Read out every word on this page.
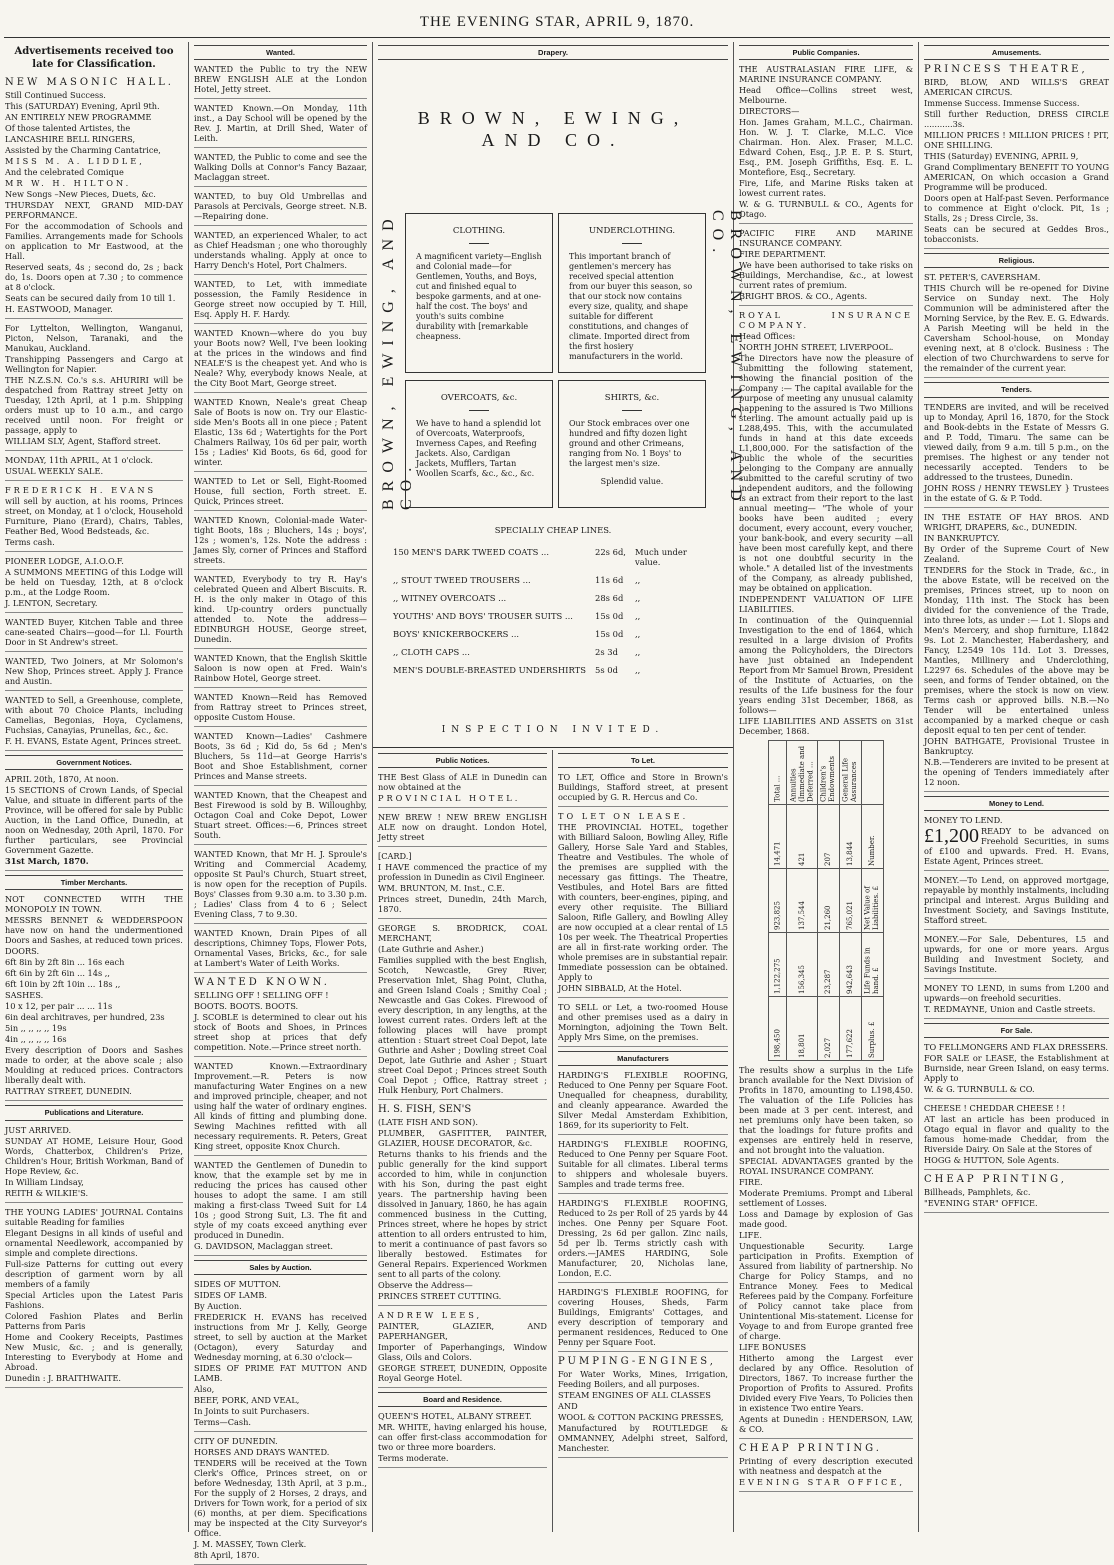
THE EVENING STAR, APRIL 9, 1870.
Advertisements received too late for Classification.

NEW MASONIC HALL.

Still Continued Success.

This (SATURDAY) Evening, April 9th.

AN ENTIRELY NEW PROGRAMME

Of those talented Artistes, the

LANCASHIRE BELL RINGERS,

Assisted by the Charming Cantatrice,

MISS M. A. LIDDLE,

And the celebrated Comique

MR W. H. HILTON.

New Songs –New Pieces, Duets, &c.

THURSDAY NEXT, GRAND MID-DAY PERFORMANCE.

For the accommodation of Schools and Families. Arrangements made for Schools on application to Mr Eastwood, at the Hall.

Reserved seats, 4s ; second do, 2s ; back do, 1s. Doors open at 7.30 ; to commence at 8 o'clock.

Seats can be secured daily from 10 till 1.

H. EASTWOOD, Manager.

For Lyttelton, Wellington, Wanganui, Picton, Nelson, Taranaki, and the Manukau, Auckland.

Transhipping Passengers and Cargo at Wellington for Napier.

THE N.Z.S.N. Co.'s s.s. AHURIRI will be despatched from Rattray street Jetty on Tuesday, 12th April, at 1 p.m. Shipping orders must up to 10 a.m., and cargo received until noon. For freight or passage, apply to

WILLIAM SLY, Agent, Stafford street.

MONDAY, 11th APRIL, At 1 o'clock.

USUAL WEEKLY SALE.

FREDERICK H. EVANS

will sell by auction, at his rooms, Princes street, on Monday, at 1 o'clock, Household Furniture, Piano (Erard), Chairs, Tables, Feather Bed, Wood Bedsteads, &c.

Terms cash.

PIONEER LODGE, A.I.O.O.F.

A SUMMONS MEETING of this Lodge will be held on Tuesday, 12th, at 8 o'clock p.m., at the Lodge Room.

J. LENTON, Secretary.

WANTED Buyer, Kitchen Table and three cane-seated Chairs—good—for Ll. Fourth Door in St Andrew's street.

WANTED, Two Joiners, at Mr Solomon's New Shop, Princes street. Apply J. France and Austin.

WANTED to Sell, a Greenhouse, complete, with about 70 Choice Plants, including Camelias, Begonias, Hoya, Cyclamens, Fuchsias, Canayias, Prunellas, &c., &c.

F. H. EVANS, Estate Agent, Princes street.

Government Notices.

APRIL 20th, 1870, At noon.

15 SECTIONS of Crown Lands, of Special Value, and situate in different parts of the Province, will be offered for sale by Public Auction, in the Land Office, Dunedin, at noon on Wednesday, 20th April, 1870. For further particulars, see Provincial Government Gazette.

31st March, 1870.

Timber Merchants.

NOT CONNECTED WITH THE MONOPOLY IN TOWN.

MESSRS BENNET & WEDDERSPOON have now on hand the undermentioned Doors and Sashes, at reduced town prices.

DOORS.

6ft 8in by 2ft 8in ... 16s each

6ft 6in by 2ft 6in ... 14s ,,

6ft 10in by 2ft 10in ... 18s ,,

SASHES.

10 x 12, per pair ... ... 11s

6in deal architraves, per hundred, 23s

5in ,, ,, ,, ,, 19s

4in ,, ,, ,, ,, 16s

Every description of Doors and Sashes made to order, at the above scale ; also Moulding at reduced prices. Contractors liberally dealt with.

RATTRAY STREET, DUNEDIN.

Publications and Literature.

JUST ARRIVED.

SUNDAY AT HOME, Leisure Hour, Good Words, Chatterbox, Children's Prize, Children's Hour, British Workman, Band of Hope Review, &c.

In William Lindsay,

REITH & WILKIE'S.

THE YOUNG LADIES' JOURNAL Contains suitable Reading for families

Elegant Designs in all kinds of useful and ornamental Needlework, accompanied by simple and complete directions.

Full-size Patterns for cutting out every description of garment worn by all members of a family

Special Articles upon the Latest Paris Fashions.

Colored Fashion Plates and Berlin Patterns from Paris

Home and Cookery Receipts, Pastimes New Music, &c. ; and is generally, Interesting to Everybody at Home and Abroad.

Dunedin : J. BRAITHWAITE.

Wanted.

WANTED the Public to try the NEW BREW ENGLISH ALE at the London Hotel, Jetty street.

WANTED Known.—On Monday, 11th inst., a Day School will be opened by the Rev. J. Martin, at Drill Shed, Water of Leith.

WANTED, the Public to come and see the Walking Dolls at Connor's Fancy Bazaar, Maclaggan street.

WANTED, to buy Old Umbrellas and Parasols at Percivals, George street. N.B.—Repairing done.

WANTED, an experienced Whaler, to act as Chief Headsman ; one who thoroughly understands whaling. Apply at once to Harry Dench's Hotel, Port Chalmers.

WANTED, to Let, with immediate possession, the Family Residence in George street now occupied by T. Hill, Esq. Apply H. F. Hardy.

WANTED Known—where do you buy your Boots now? Well, I've been looking at the prices in the windows and find NEALE'S is the cheapest yet. And who is Neale? Why, everybody knows Neale, at the City Boot Mart, George street.

WANTED Known, Neale's great Cheap Sale of Boots is now on. Try our Elastic-side Men's Boots all in one piece ; Patent Elastic, 13s 6d ; Watertights for the Port Chalmers Railway, 10s 6d per pair, worth 15s ; Ladies' Kid Boots, 6s 6d, good for winter.

WANTED to Let or Sell, Eight-Roomed House, full section, Forth street. E. Quick, Princes street.

WANTED Known, Colonial-made Water-tight Boots, 18s ; Bluchers, 14s ; boys', 12s ; women's, 12s. Note the address : James Sly, corner of Princes and Stafford streets.

WANTED, Everybody to try R. Hay's celebrated Queen and Albert Biscuits. R. H. is the only maker in Otago of this kind. Up-country orders punctually attended to. Note the address— EDINBURGH HOUSE, George street, Dunedin.

WANTED Known, that the English Skittle Saloon is now open at Fred. Wain's Rainbow Hotel, George street.

WANTED Known—Reid has Removed from Rattray street to Princes street, opposite Custom House.

WANTED Known—Ladies' Cashmere Boots, 3s 6d ; Kid do, 5s 6d ; Men's Bluchers, 5s 11d—at George Harris's Boot and Shoe Establishment, corner Princes and Manse streets.

WANTED Known, that the Cheapest and Best Firewood is sold by B. Willoughby, Octagon Coal and Coke Depot, Lower Stuart street. Offices:—6, Princes street South.

WANTED Known, that Mr H. J. Sproule's Writing and Commercial Academy, opposite St Paul's Church, Stuart street, is now open for the reception of Pupils. Boys' Classes from 9.30 a.m. to 3.30 p.m. ; Ladies' Class from 4 to 6 ; Select Evening Class, 7 to 9.30.

WANTED Known, Drain Pipes of all descriptions, Chimney Tops, Flower Pots, Ornamental Vases, Bricks, &c., for sale at Lambert's Water of Leith Works.

WANTED KNOWN.

SELLING OFF ! SELLING OFF !

BOOTS. BOOTS. BOOTS.

J. SCOBLE is determined to clear out his stock of Boots and Shoes, in Princes street shop at prices that defy competition. Note.—Prince street north.

WANTED Known.—Extraordinary Improvement.—R. Peters is now manufacturing Water Engines on a new and improved principle, cheaper, and not using half the water of ordinary engines. All kinds of fitting and plumbing done. Sewing Machines refitted with all necessary requirements. R. Peters, Great King street, opposite Knox Church.

WANTED the Gentlemen of Dunedin to know, that the example set by me in reducing the prices has caused other houses to adopt the same. I am still making a first-class Tweed Suit for L4 10s ; good Strong Suit, L3. The fit and style of my coats exceed anything ever produced in Dunedin.

G. DAVIDSON, Maclaggan street.

Sales by Auction.

SIDES OF MUTTON.

SIDES OF LAMB.

By Auction.

FREDERICK H. EVANS has received instructions from Mr J. Kelly, George street, to sell by auction at the Market (Octagon), every Saturday and Wednesday morning, at 6.30 o'clock—

SIDES OF PRIME FAT MUTTON AND LAMB.

Also,

BEEF, PORK, AND VEAL,

In Joints to suit Purchasers.

Terms—Cash.

CITY OF DUNEDIN.

HORSES AND DRAYS WANTED.

TENDERS will be received at the Town Clerk's Office, Princes street, on or before Wednesday, 13th April, at 3 p.m., For the supply of 2 Horses, 2 drays, and Drivers for Town work, for a period of six (6) months, at per diem. Specifications may be inspected at the City Surveyor's Office.

J. M. MASSEY, Town Clerk.

8th April, 1870.

Drapery.
BROWN, EWING, AND CO.
BROWN, EWING, AND CO.	BROWN, EWING, AND CO.
CLOTHING.

A magnificent variety—English and Colonial made—for Gentlemen, Youths, and Boys, cut and finished equal to bespoke garments, and at one-half the cost. The boys' and youth's suits combine durability with [remarkable cheapness.

UNDERCLOTHING.

This important branch of gentlemen's mercery has received special attention from our buyer this season, so that our stock now contains every size, quality, and shape suitable for different constitutions, and changes of climate. Imported direct from the first hosiery manufacturers in the world.

OVERCOATS, &c.

We have to hand a splendid lot of Overcoats, Waterproofs, Inverness Capes, and Reefing Jackets. Also, Cardigan Jackets, Mufflers, Tartan Woollen Scarfs, &c., &c., &c.

SHIRTS, &c.

Our Stock embraces over one hundred and fifty dozen light ground and other Crimeans, ranging from No. 1 Boys' to the largest men's size.

Splendid value.

SPECIALLY CHEAP LINES.

150 MEN'S DARK TWEED COATS ...	22s 6d,	Much under value.
,, STOUT TWEED TROUSERS ...	11s 6d	,,
,, WITNEY OVERCOATS ...	28s 6d	,,
YOUTHS' AND BOYS' TROUSER SUITS ...	15s 0d	,,
BOYS' KNICKERBOCKERS ...	15s 0d	,,
,, CLOTH CAPS ...	2s 3d	,,
MEN'S DOUBLE-BREASTED UNDERSHIRTS	5s 0d	,,

INSPECTION INVITED.

Public Notices.

THE Best Glass of ALE in Dunedin can now obtained at the

PROVINCIAL HOTEL.

NEW BREW ! NEW BREW ENGLISH ALE now on draught. London Hotel, Jetty street

[CARD.]

I HAVE commenced the practice of my profession in Dunedin as Civil Engineer.

WM. BRUNTON, M. Inst., C.E.

Princes street, Dunedin, 24th March, 1870.

GEORGE S. BRODRICK, COAL MERCHANT,

(Late Guthrie and Asher.)

Families supplied with the best English, Scotch, Newcastle, Grey River, Preservation Inlet, Shag Point, Clutha, and Green Island Coals ; Smithy Coal ; Newcastle and Gas Cokes. Firewood of every description, in any lengths, at the lowest current rates. Orders left at the following places will have prompt attention : Stuart street Coal Depot, late Guthrie and Asher ; Dowling street Coal Depot, late Guthrie and Asher ; Stuart street Coal Depot ; Princes street South Coal Depot ; Office, Rattray street ; Hulk Henbury, Port Chalmers.

H. S. FISH, SEN'S

(LATE FISH AND SON).

PLUMBER, GASFITTER, PAINTER, GLAZIER, HOUSE DECORATOR, &c.

Returns thanks to his friends and the public generally for the kind support accorded to him, while in conjunction with his Son, during the past eight years. The partnership having been dissolved in January, 1860, he has again commenced business in the Cutting, Princes street, where he hopes by strict attention to all orders entrusted to him, to merit a continuance of past favors so liberally bestowed. Estimates for General Repairs. Experienced Workmen sent to all parts of the colony.

Observe the Address—

PRINCES STREET CUTTING.

ANDREW LEES,

PAINTER, GLAZIER, AND PAPERHANGER,

Importer of Paperhangings, Window Glass, Oils and Colors.

GEORGE STREET, DUNEDIN, Opposite Royal George Hotel.

Board and Residence.

QUEEN'S HOTEL, ALBANY STREET.

MR. WHITE, having enlarged his house, can offer first-class accommodation for two or three more boarders.

Terms moderate.

To Let.

TO LET, Office and Store in Brown's Buildings, Stafford street, at present occupied by G. R. Hercus and Co.

TO LET ON LEASE.

THE PROVINCIAL HOTEL, together with Billiard Saloon, Bowling Alley, Rifle Gallery, Horse Sale Yard and Stables, Theatre and Vestibules. The whole of the premises are supplied with the necessary gas fittings. The Theatre, Vestibules, and Hotel Bars are fitted with counters, beer-engines, piping, and every other requisite. The Billiard Saloon, Rifle Gallery, and Bowling Alley are now occupied at a clear rental of L5 10s per week. The Theatrical Properties are all in first-rate working order. The whole premises are in substantial repair. Immediate possession can be obtained. Apply to

JOHN SIBBALD, At the Hotel.

TO SELL or Let, a two-roomed House and other premises used as a dairy in Mornington, adjoining the Town Belt. Apply Mrs Sime, on the premises.

Manufacturers

HARDING'S FLEXIBLE ROOFING, Reduced to One Penny per Square Foot. Unequalled for cheapness, durability, and cleanly appearance. Awarded the Silver Medal Amsterdam Exhibition, 1869, for its superiority to Felt.

HARDING'S FLEXIBLE ROOFING, Reduced to One Penny per Square Foot. Suitable for all climates. Liberal terms to shippers and wholesale buyers. Samples and trade terms free.

HARDING'S FLEXIBLE ROOFING, Reduced to 2s per Roll of 25 yards by 44 inches. One Penny per Square Foot. Dressing, 2s 6d per gallon. Zinc nails, 5d per lb. Terms strictly cash with orders.—JAMES HARDING, Sole Manufacturer, 20, Nicholas lane, London, E.C.

HARDING'S FLEXIBLE ROOFING, for covering Houses, Sheds, Farm Buildings, Emigrants' Cottages, and every description of temporary and permanent residences, Reduced to One Penny per Square Foot.

PUMPING-ENGINES,

For Water Works, Mines, Irrigation, Feeding Boilers, and all purposes.

STEAM ENGINES OF ALL CLASSES

AND

WOOL & COTTON PACKING PRESSES,

Manufactured by ROUTLEDGE & OMMANNEY, Adelphi street, Salford, Manchester.

Public Companies.

THE AUSTRALASIAN FIRE LIFE, & MARINE INSURANCE COMPANY.

Head Office—Collins street west, Melbourne.

DIRECTORS—

Hon. James Graham, M.L.C., Chairman. Hon. W. J. T. Clarke, M.L.C. Vice Chairman. Hon. Alex. Fraser, M.L.C. Edward Cohen, Esq., J.P. E. P. S. Sturt, Esq., P.M. Joseph Griffiths, Esq. E. L. Montefiore, Esq., Secretary.

Fire, Life, and Marine Risks taken at lowest current rates.

W. & G. TURNBULL & CO., Agents for Otago.

PACIFIC FIRE AND MARINE INSURANCE COMPANY.

FIRE DEPARTMENT.

We have been authorised to take risks on Buildings, Merchandise, &c., at lowest current rates of premium.

BRIGHT BROS. & CO., Agents.

ROYAL INSURANCE COMPANY.

Head Offices:

NORTH JOHN STREET, LIVERPOOL.

The Directors have now the pleasure of submitting the following statement, showing the financial position of the Company :— The capital available for the purpose of meeting any unusual calamity happening to the assured is Two Millions sterling. The amount actually paid up is L288,495. This, with the accumulated funds in hand at this date exceeds L1,800,000. For the satisfaction of the public the whole of the securities belonging to the Company are annually submitted to the careful scrutiny of two independent auditors, and the following is an extract from their report to the last annual meeting— "The whole of your books have been audited ; every document, every account, every voucher, your bank-book, and every security —all have been most carefully kept, and there is not one doubtful security in the whole." A detailed list of the investments of the Company, as already published, may be obtained on application.

INDEPENDENT VALUATION OF LIFE LIABILITIES.

In continuation of the Quinquennial Investigation to the end of 1864, which resulted in a large division of Profits among the Policyholders, the Directors have just obtained an Independent Report from Mr Samuel Brown, President of the Institute of Actuaries, on the results of the Life business for the four years ending 31st December, 1868, as follows—

LIFE LIABILITIES AND ASSETS on 31st December, 1868.

Total ...	Annuities (Immediate and Deferred ...	Children's Endowments	General Life Assurances	
14,471	421	207	13,844	Number.
923,825	137,544	21,260	765,021	Net Value of Liabilities. £
1,122,275	156,345	23,287	942,643	Life Funds in hand. £
198,450	18,801	2,027	177,622	Surplus. £

The results show a surplus in the Life branch available for the Next Division of Profits in 1870, amounting to L198,450. The valuation of the Life Policies has been made at 3 per cent. interest, and net premiums only have been taken, so that the loadings for future profits and expenses are entirely held in reserve, and not brought into the valuation.

SPECIAL ADVANTAGES granted by the ROYAL INSURANCE COMPANY.

FIRE.

Moderate Premiums. Prompt and Liberal settlement of Losses.

Loss and Damage by explosion of Gas made good.

LIFE.

Unquestionable Security. Large participation in Profits. Exemption of Assured from liability of partnership. No Charge for Policy Stamps, and no Entrance Money. Fees to Medical Referees paid by the Company. Forfeiture of Policy cannot take place from Unintentional Mis-statement. License for Voyage to and from Europe granted free of charge.

LIFE BONUSES

Hitherto among the Largest ever declared by any Office. Resolution of Directors, 1867. To increase further the Proportion of Profits to Assured. Profits Divided every Five Years, To Policies then in existence Two entire Years.

Agents at Dunedin : HENDERSON, LAW, & CO.

CHEAP PRINTING.

Printing of every description executed with neatness and despatch at the

EVENING STAR OFFICE,

Amusements.

PRINCESS THEATRE,

BIRD, BLOW, AND WILLS'S GREAT AMERICAN CIRCUS.

Immense Success. Immense Success.

Still further Reduction, DRESS CIRCLE ...........3s.

MILLION PRICES ! MILLION PRICES ! PIT, ONE SHILLING.

THIS (Saturday) EVENING, APRIL 9,

Grand Complimentary BENEFIT TO YOUNG AMERICAN, On which occasion a Grand Programme will be produced.

Doors open at Half-past Seven. Performance to commence at Eight o'clock. Pit, 1s ; Stalls, 2s ; Dress Circle, 3s.

Seats can be secured at Geddes Bros., tobacconists.

Religious.

ST. PETER'S, CAVERSHAM.

THIS Church will be re-opened for Divine Service on Sunday next. The Holy Communion will be administered after the Morning Service, by the Rev. E. G. Edwards. A Parish Meeting will be held in the Caversham School-house, on Monday evening next, at 8 o'clock. Business : The election of two Churchwardens to serve for the remainder of the current year.

Tenders.

TENDERS are invited, and will be received up to Monday, April 16, 1870, for the Stock and Book-debts in the Estate of Messrs G. and P. Todd, Timaru. The same can be viewed daily, from 9 a.m. till 5 p.m., on the premises. The highest or any tender not necessarily accepted. Tenders to be addressed to the trustees, Dunedin.

JOHN ROSS / HENRY TEWSLEY } Trustees in the estate of G. & P. Todd.

IN THE ESTATE OF HAY BROS. AND WRIGHT, DRAPERS, &c., DUNEDIN.

IN BANKRUPTCY.

By Order of the Supreme Court of New Zealand.

TENDERS for the Stock in Trade, &c., in the above Estate, will be received on the premises, Princes street, up to noon on Monday, 11th inst. The Stock has been divided for the convenience of the Trade, into three lots, as under :— Lot 1. Slops and Men's Mercery, and shop furniture, L1842 9s. Lot 2. Manchester, Haberdashery, and Fancy, L2549 10s 11d. Lot 3. Dresses, Mantles, Millinery and Underclothing, L2297 6s. Schedules of the above may be seen, and forms of Tender obtained, on the premises, where the stock is now on view. Terms cash or approved bills. N.B.—No Tender will be entertained unless accompanied by a marked cheque or cash deposit equal to ten per cent of tender.

JOHN BATHGATE, Provisional Trustee in Bankruptcy.

N.B.—Tenderers are invited to be present at the opening of Tenders immediately after 12 noon.

Money to Lend.

MONEY TO LEND.

£1,200 READY to be advanced on Freehold Securities, in sums of £100 and upwards. Fred. H. Evans, Estate Agent, Princes street.

MONEY.—To Lend, on approved mortgage, repayable by monthly instalments, including principal and interest. Argus Building and Investment Society, and Savings Institute, Stafford street.

MONEY.—For Sale, Debentures, L5 and upwards, for one or more years. Argus Building and Investment Society, and Savings Institute.

MONEY TO LEND, in sums from L200 and upwards—on freehold securities.

T. REDMAYNE, Union and Castle streets.

For Sale.

TO FELLMONGERS AND FLAX DRESSERS.

FOR SALE or LEASE, the Establishment at Burnside, near Green Island, on easy terms. Apply to

W. & G. TURNBULL & CO.

CHEESE ! CHEDDAR CHEESE ! !

AT last an article has been produced in Otago equal in flavor and quality to the famous home-made Cheddar, from the Riverside Dairy. On Sale at the Stores of

HOGG & HUTTON, Sole Agents.

CHEAP PRINTING,

Billheads, Pamphlets, &c.

"EVENING STAR" OFFICE.
